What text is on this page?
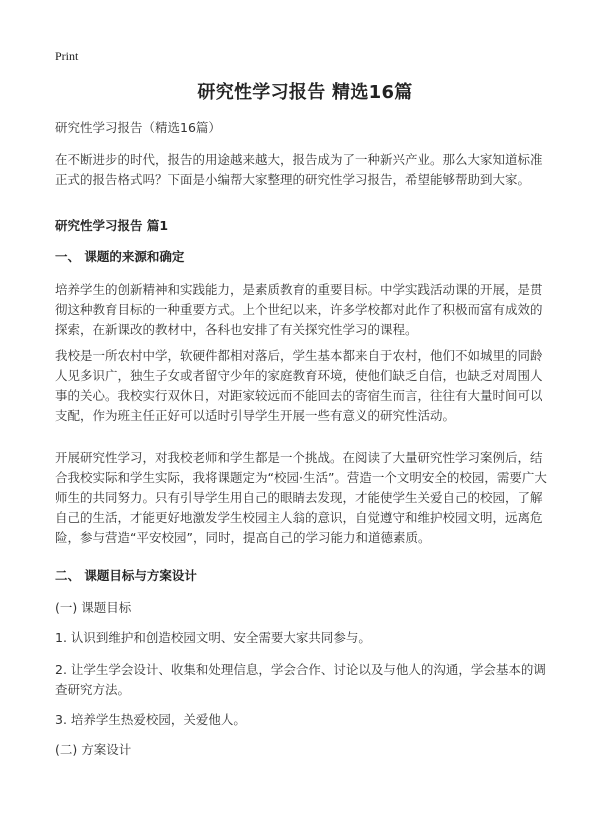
Print
研究性学习报告 精选16篇
研究性学习报告（精选16篇）
在不断进步的时代，报告的用途越来越大，报告成为了一种新兴产业。那么大家知道标准正式的报告格式吗？下面是小编帮大家整理的研究性学习报告，希望能够帮助到大家。
研究性学习报告 篇1
一、 课题的来源和确定
培养学生的创新精神和实践能力，是素质教育的重要目标。中学实践活动课的开展，是贯彻这种教育目标的一种重要方式。上个世纪以来，许多学校都对此作了积极而富有成效的探索，在新课改的教材中，各科也安排了有关探究性学习的课程。
我校是一所农村中学，软硬件都相对落后，学生基本都来自于农村，他们不如城里的同龄人见多识广，独生子女或者留守少年的家庭教育环境，使他们缺乏自信，也缺乏对周围人事的关心。我校实行双休日，对距家较远而不能回去的寄宿生而言，往往有大量时间可以支配，作为班主任正好可以适时引导学生开展一些有意义的研究性活动。
开展研究性学习，对我校老师和学生都是一个挑战。在阅读了大量研究性学习案例后，结合我校实际和学生实际，我将课题定为“校园·生活”。营造一个文明安全的校园，需要广大师生的共同努力。只有引导学生用自己的眼睛去发现，才能使学生关爱自己的校园，了解自己的生活，才能更好地激发学生校园主人翁的意识，自觉遵守和维护校园文明，远离危险，参与营造“平安校园”，同时，提高自己的学习能力和道德素质。
二、 课题目标与方案设计
(一) 课题目标
1. 认识到维护和创造校园文明、安全需要大家共同参与。
2. 让学生学会设计、收集和处理信息，学会合作、讨论以及与他人的沟通，学会基本的调查研究方法。
3. 培养学生热爱校园，关爱他人。
(二) 方案设计
